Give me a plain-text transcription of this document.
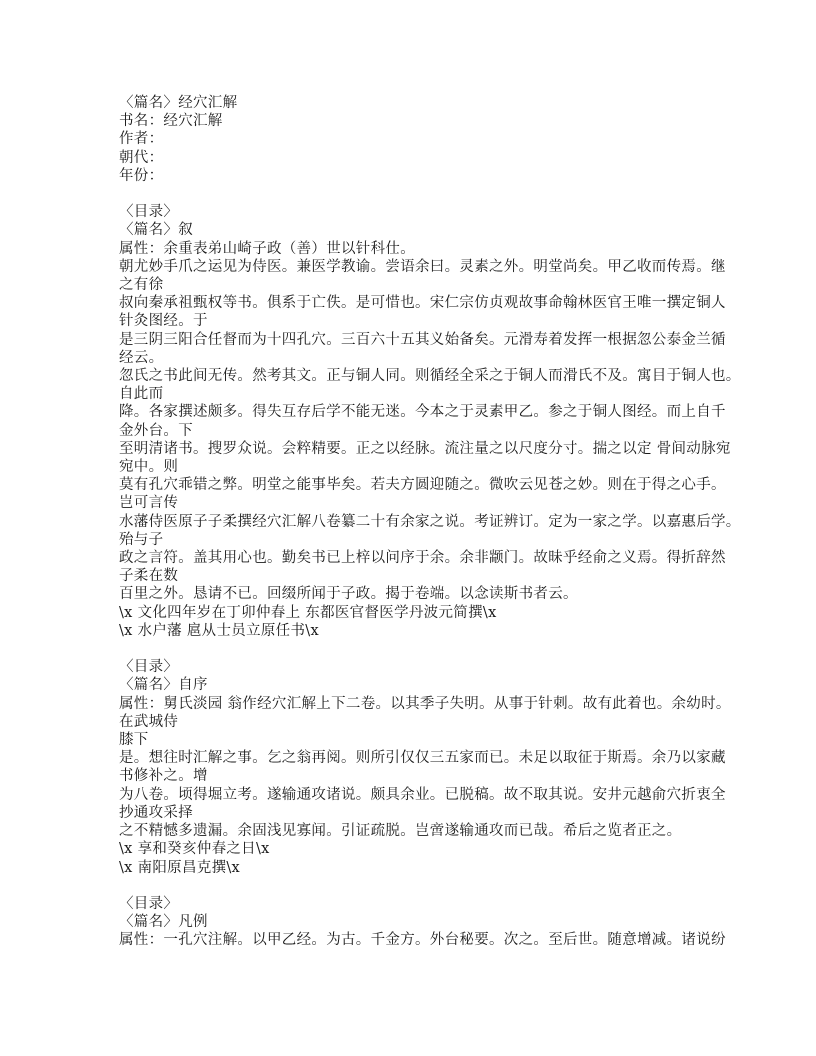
〈篇名〉经穴汇解
书名：经穴汇解
作者：
朝代：
年份：
〈目录〉
〈篇名〉叙
属性：余重表弟山崎子政（善）世以针科仕。
朝尤妙手爪之运见为侍医。兼医学教谕。尝语余曰。灵素之外。明堂尚矣。甲乙收而传焉。继
之有徐
叔向秦承祖甄权等书。俱系于亡佚。是可惜也。宋仁宗仿贞观故事命翰林医官王唯一撰定铜人
针灸图经。于
是三阴三阳合任督而为十四孔穴。三百六十五其义始备矣。元滑寿着发挥一根据忽公泰金兰循
经云。
忽氏之书此间无传。然考其文。正与铜人同。则循经全采之于铜人而滑氏不及。寓目于铜人也。
自此而
降。各家撰述颇多。得失互存后学不能无迷。今本之于灵素甲乙。参之于铜人图经。而上自千
金外台。下
至明清诸书。搜罗众说。会粹精要。正之以经脉。流注量之以尺度分寸。揣之以定 骨间动脉宛
宛中。则
莫有孔穴乖错之弊。明堂之能事毕矣。若夫方圆迎随之。微吹云见苍之妙。则在于得之心手。
岂可言传
水藩侍医原子子柔撰经穴汇解八卷纂二十有余家之说。考证辨订。定为一家之学。以嘉惠后学。
殆与子
政之言符。盖其用心也。勤矣书已上梓以问序于余。余非颛门。故昧乎经俞之义焉。得折辞然
子柔在数
百里之外。恳请不已。回缀所闻于子政。揭于卷端。以念读斯书者云。
\x 文化四年岁在丁卯仲春上 东都医官督医学丹波元简撰\x
\x 水户藩 扈从士员立原任书\x
〈目录〉
〈篇名〉自序
属性：舅氏淡园 翁作经穴汇解上下二卷。以其季子失明。从事于针刺。故有此着也。余幼时。
在武城侍
膝下
是。想往时汇解之事。乞之翁再阅。则所引仅仅三五家而已。未足以取征于斯焉。余乃以家藏
书修补之。增
为八卷。顷得堀立考。遂输通攻诸说。颇具余业。已脱稿。故不取其说。安井元越俞穴折衷全
抄通攻采择
之不精憾多遗漏。余固浅见寡闻。引证疏脱。岂啻遂输通攻而已哉。希后之览者正之。
\x 享和癸亥仲春之日\x
\x 南阳原昌克撰\x
〈目录〉
〈篇名〉凡例
属性：一孔穴注解。以甲乙经。为古。千金方。外台秘要。次之。至后世。随意增减。诸说纷
